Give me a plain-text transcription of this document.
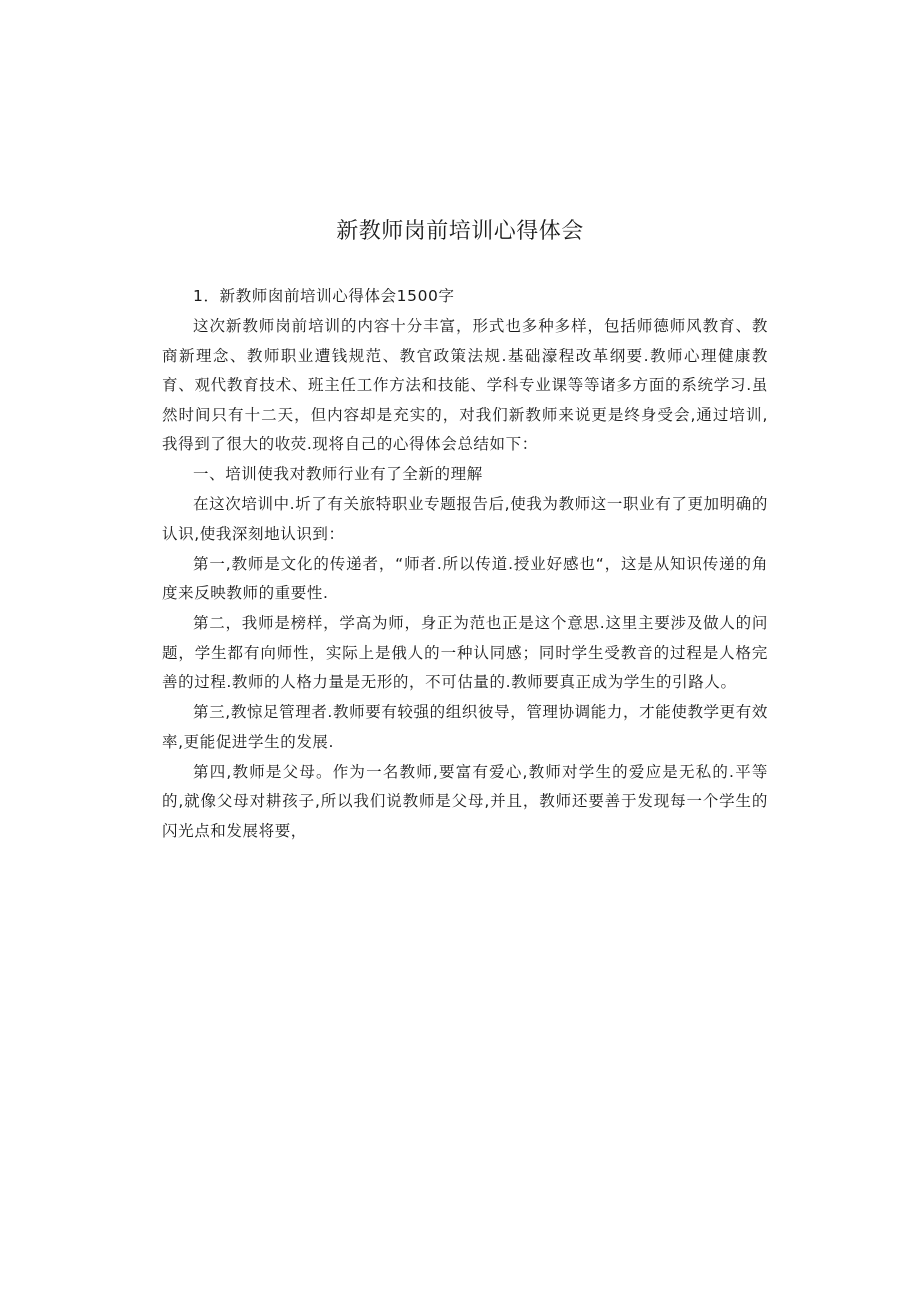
新教师岗前培训心得体会

1．新教师囱前培训心得体会1500字

这次新教师岗前培训的内容十分丰富，形式也多种多样，包括师德师风教育、教商新理念、教师职业遭钱规范、教官政策法规.基础濠程改革纲要.教师心理健康教育、观代教育技术、班主任工作方法和技能、学科专业课等等诸多方面的系统学习.虽然时间只有十二天，但内容却是充实的，对我们新教师来说更是终身受会,通过培训,我得到了很大的收荧.现将自己的心得体会总结如下：

一、培训使我对教师行业有了全新的理解

在这次培训中.圻了有关旅特职业专题报告后,使我为教师这一职业有了更加明确的认识,使我深刻地认识到：

第一,教师是文化的传递者，“师者.所以传道.授业好感也“，这是从知识传递的角度来反映教师的重要性.

第二，我师是榜样，学高为师，身正为范也正是这个意思.这里主要涉及做人的问题，学生都有向师性，实际上是俄人的一种认同感；同时学生受教音的过程是人格完善的过程.教师的人格力量是无形的，不可估量的.教师要真正成为学生的引路人。

第三,教惊足管理者.教师要有较强的组织彼导，管理协调能力，才能使教学更有效率,更能促进学生的发展.

第四,教师是父母。作为一名教师,要富有爱心,教师对学生的爱应是无私的.平等的,就像父母对耕孩子,所以我们说教师是父母,并且，教师还要善于发现每一个学生的闪光点和发展将要，
